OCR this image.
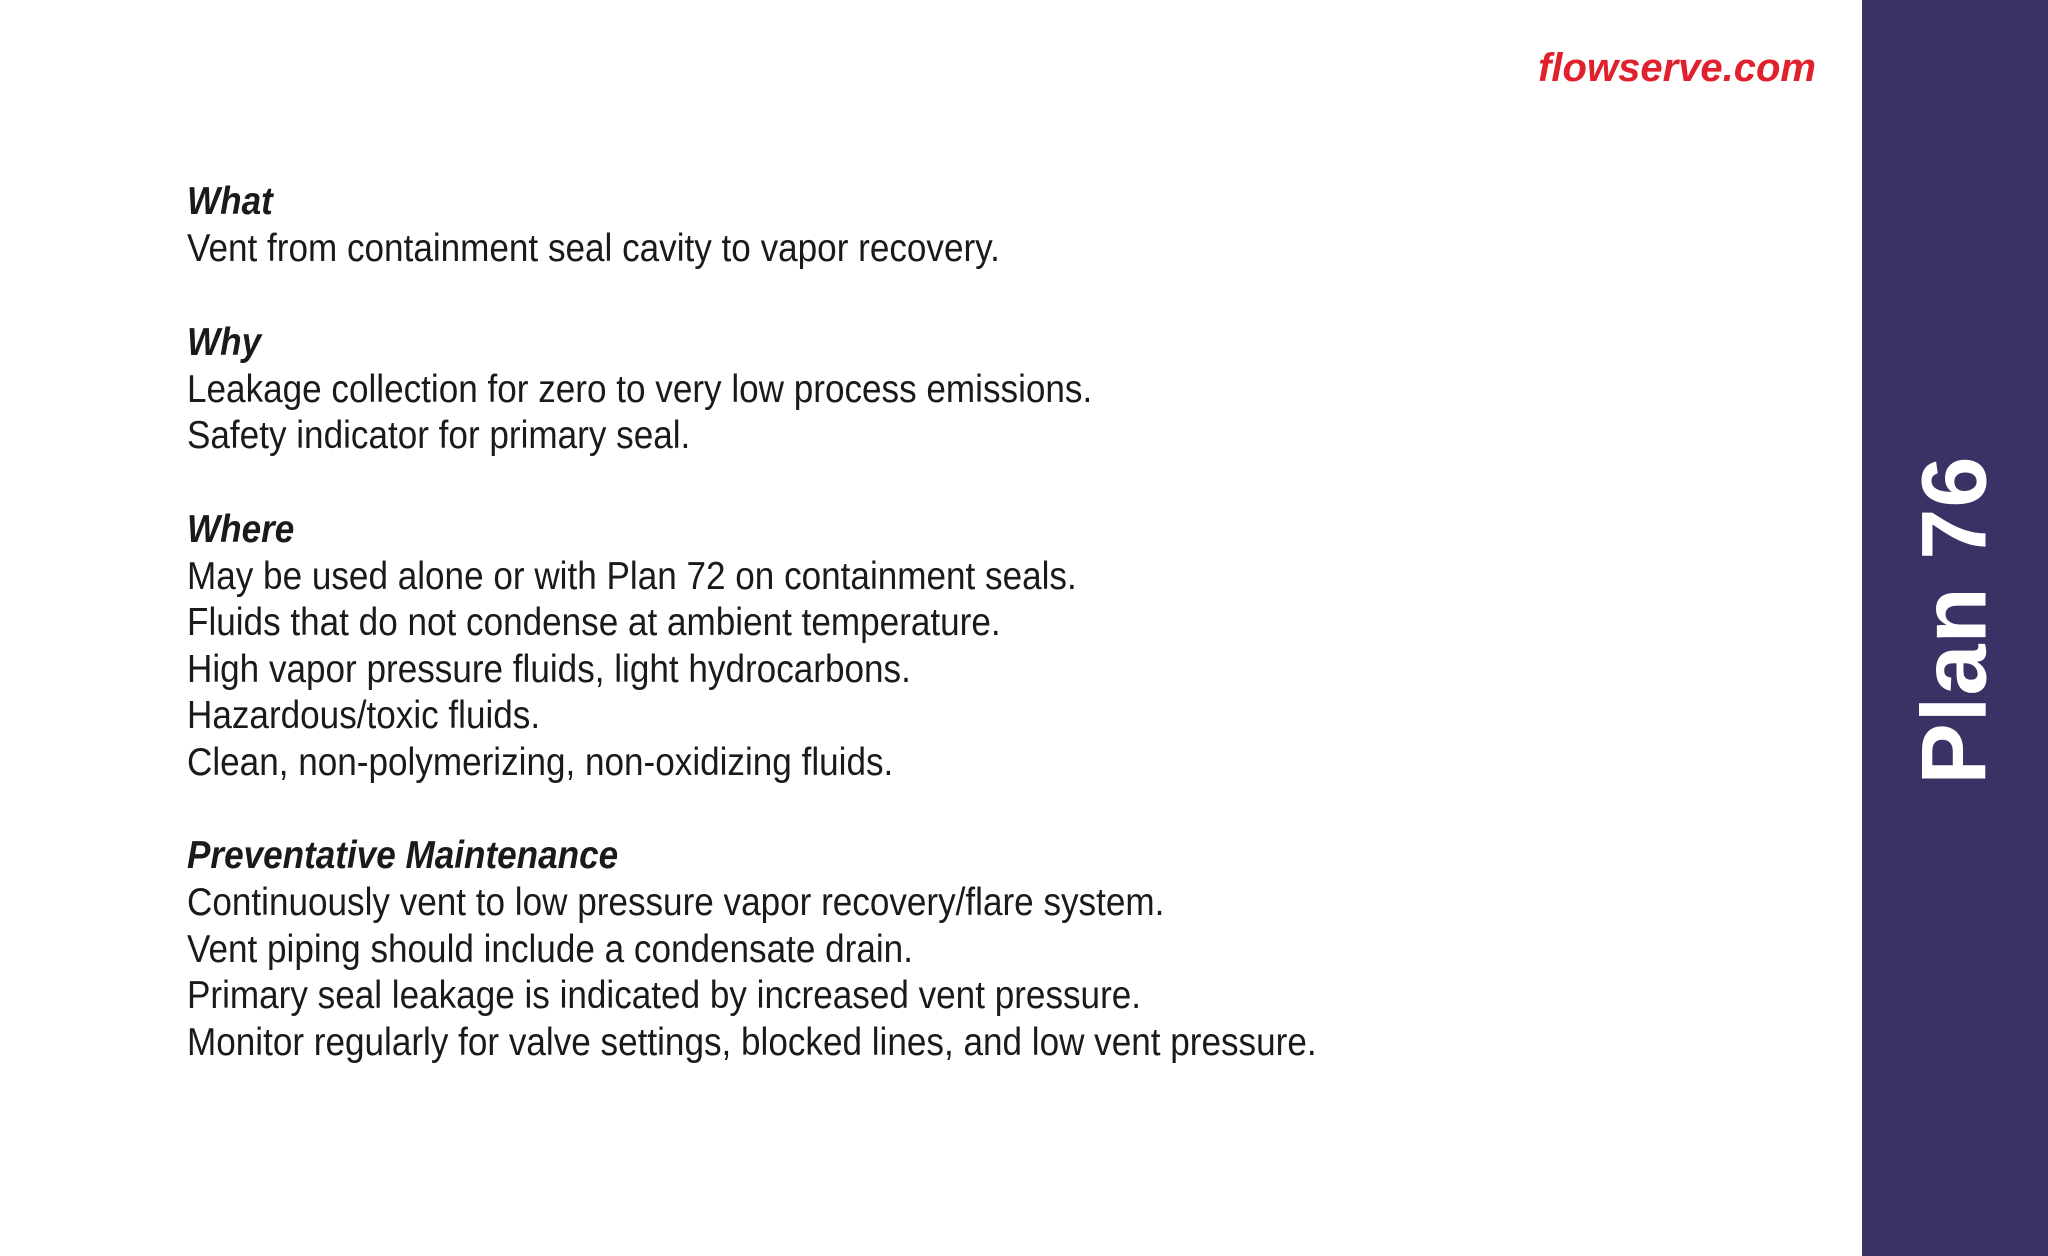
flowserve.com

What

Vent from containment seal cavity to vapor recovery.

Why

Leakage collection for zero to very low process emissions.

Safety indicator for primary seal.

Where

May be used alone or with Plan 72 on containment seals.

Fluids that do not condense at ambient temperature.

High vapor pressure fluids, light hydrocarbons.

Hazardous/toxic fluids.

Clean, non-polymerizing, non-oxidizing fluids.

Preventative Maintenance

Continuously vent to low pressure vapor recovery/flare system.

Vent piping should include a condensate drain.

Primary seal leakage is indicated by increased vent pressure.

Monitor regularly for valve settings, blocked lines, and low vent pressure.

Plan 76
